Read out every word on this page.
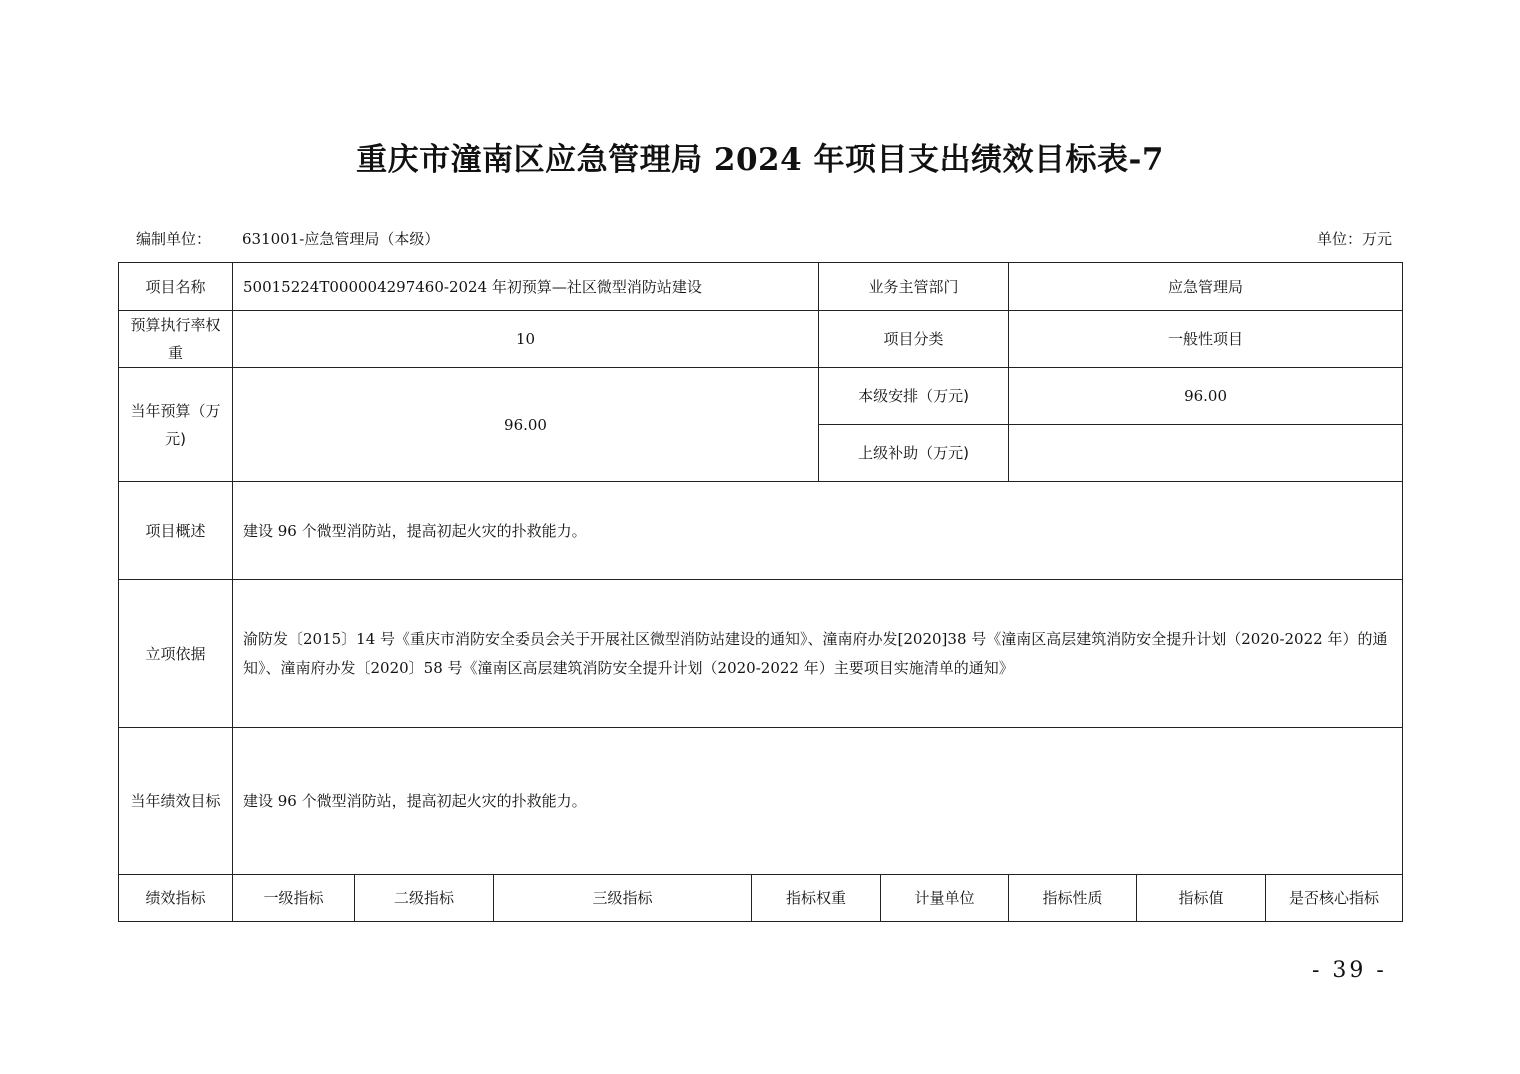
重庆市潼南区应急管理局 2024 年项目支出绩效目标表-7
编制单位： 631001-应急管理局（本级）	单位：万元
项目名称	50015224T000004297460-2024 年初预算—社区微型消防站建设				业务主管部门		应急管理局		
预算执行率权重	10				项目分类		一般性项目		
当年预算（万元)	96.00				本级安排（万元)		96.00		
					上级补助（万元)				
项目概述	建设 96 个微型消防站，提高初起火灾的扑救能力。								
立项依据	渝防发〔2015〕14 号《重庆市消防安全委员会关于开展社区微型消防站建设的通知》、潼南府办发[2020]38 号《潼南区高层建筑消防安全提升计划（2020-2022 年）的通知》、潼南府办发〔2020〕58 号《潼南区高层建筑消防安全提升计划（2020-2022 年）主要项目实施清单的通知》								
当年绩效目标	建设 96 个微型消防站，提高初起火灾的扑救能力。								
绩效指标	一级指标	二级指标	三级指标	指标权重		计量单位	指标性质	指标值	是否核心指标
- 39 -
